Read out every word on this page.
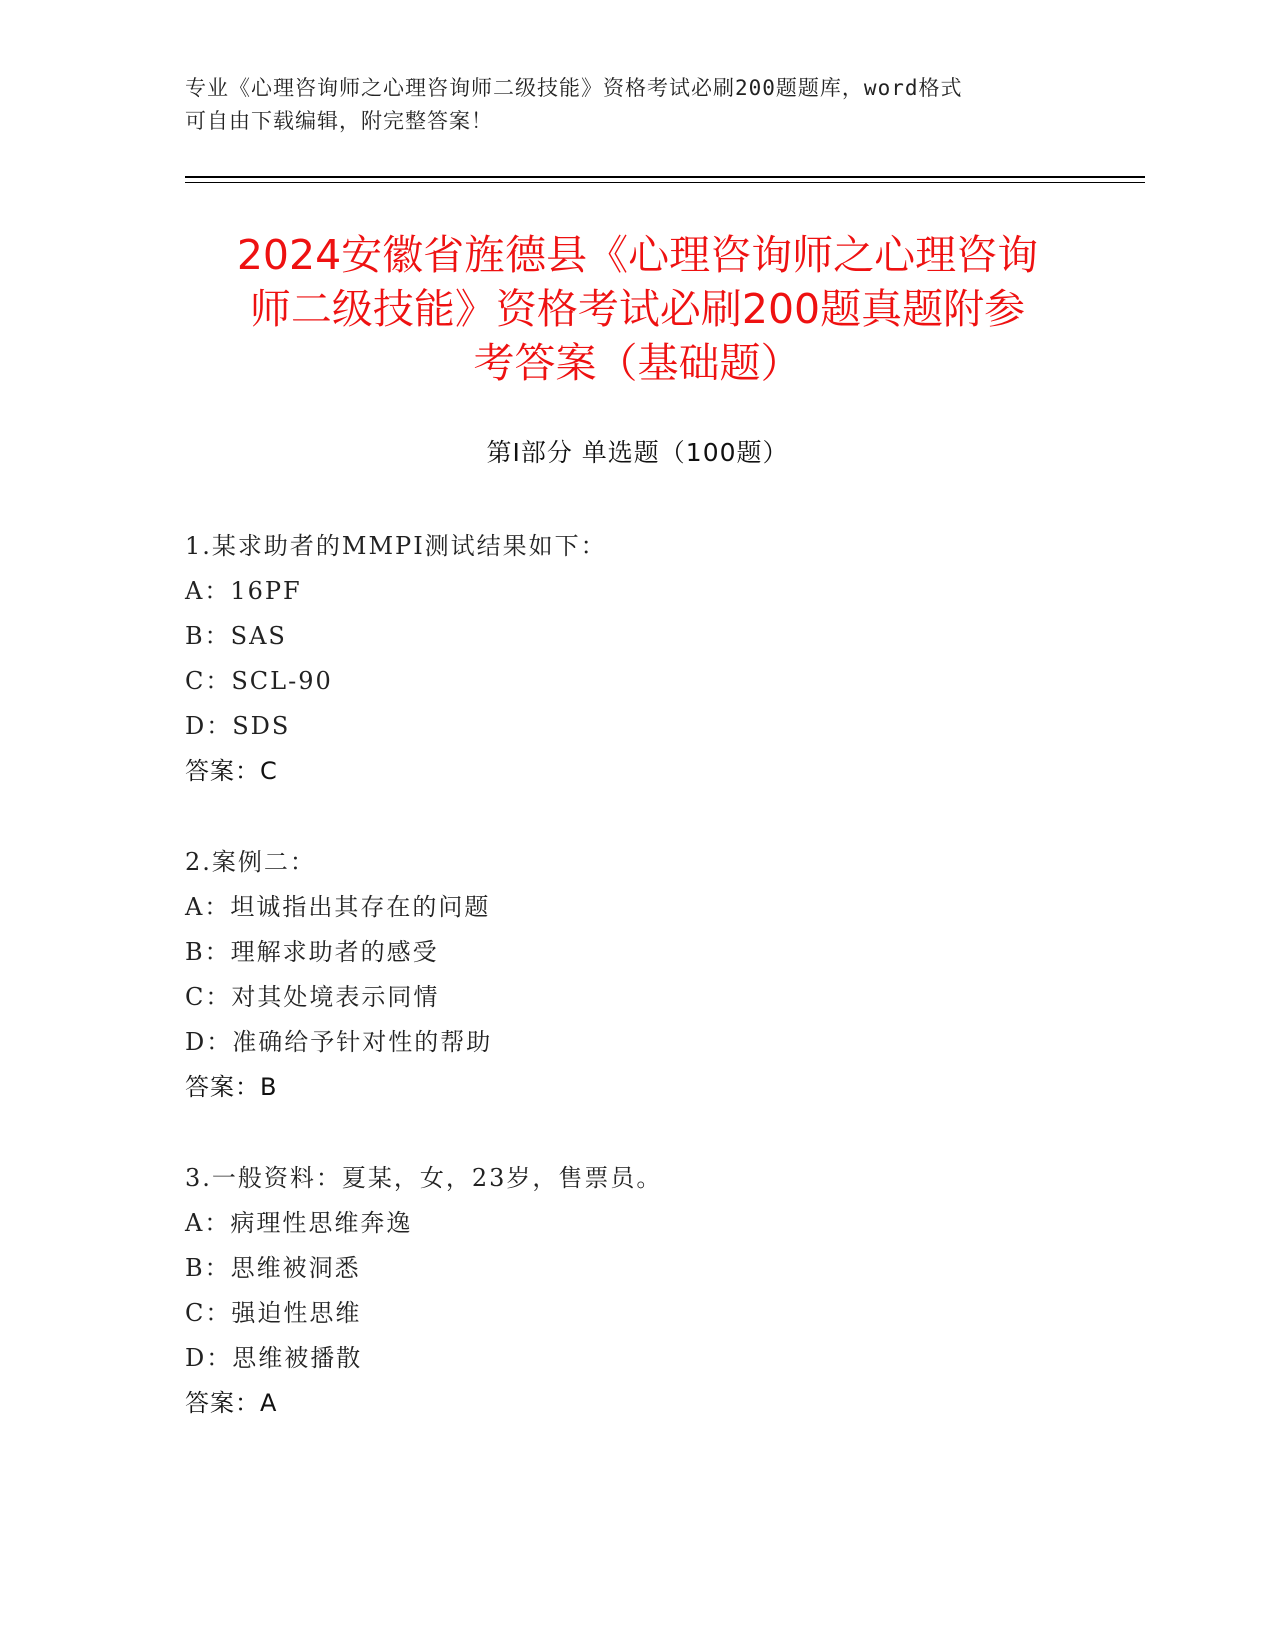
专业《心理咨询师之心理咨询师二级技能》资格考试必刷200题题库，word格式
可自由下载编辑，附完整答案！
2024安徽省旌德县《心理咨询师之心理咨询
师二级技能》资格考试必刷200题真题附参
考答案（基础题）
第Ⅰ部分 单选题（100题）
1.某求助者的MMPI测试结果如下：
A：16PF
B：SAS
C：SCL-90
D：SDS
答案：C
2.案例二：
A：坦诚指出其存在的问题
B：理解求助者的感受
C：对其处境表示同情
D：准确给予针对性的帮助
答案：B
3.一般资料：夏某，女，23岁，售票员。
A：病理性思维奔逸
B：思维被洞悉
C：强迫性思维
D：思维被播散
答案：A
